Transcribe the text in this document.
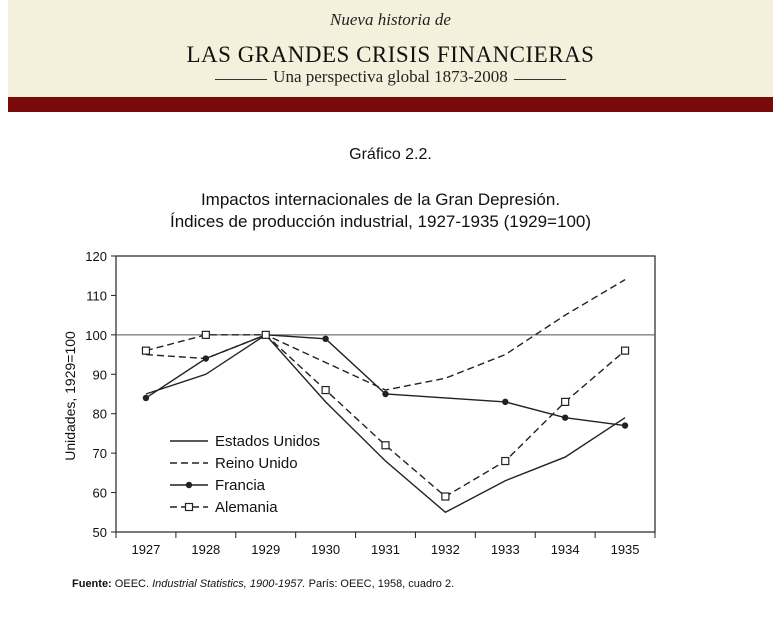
Nueva historia de
LAS GRANDES CRISIS FINANCIERAS
Una perspectiva global 1873-2008
Gráfico 2.2.
Impactos internacionales de la Gran Depresión.
Índices de producción industrial, 1927-1935 (1929=100)
50
60
70
80
90
100
110
120
1927 1928 1929 1930 1931 1932 1933 1934 1935
Unidades, 1929=100	Estados Unidos
Reino Unido
Francia
Alemania
Fuente: OEEC. Industrial Statistics, 1900-1957. París: OEEC, 1958, cuadro 2.
